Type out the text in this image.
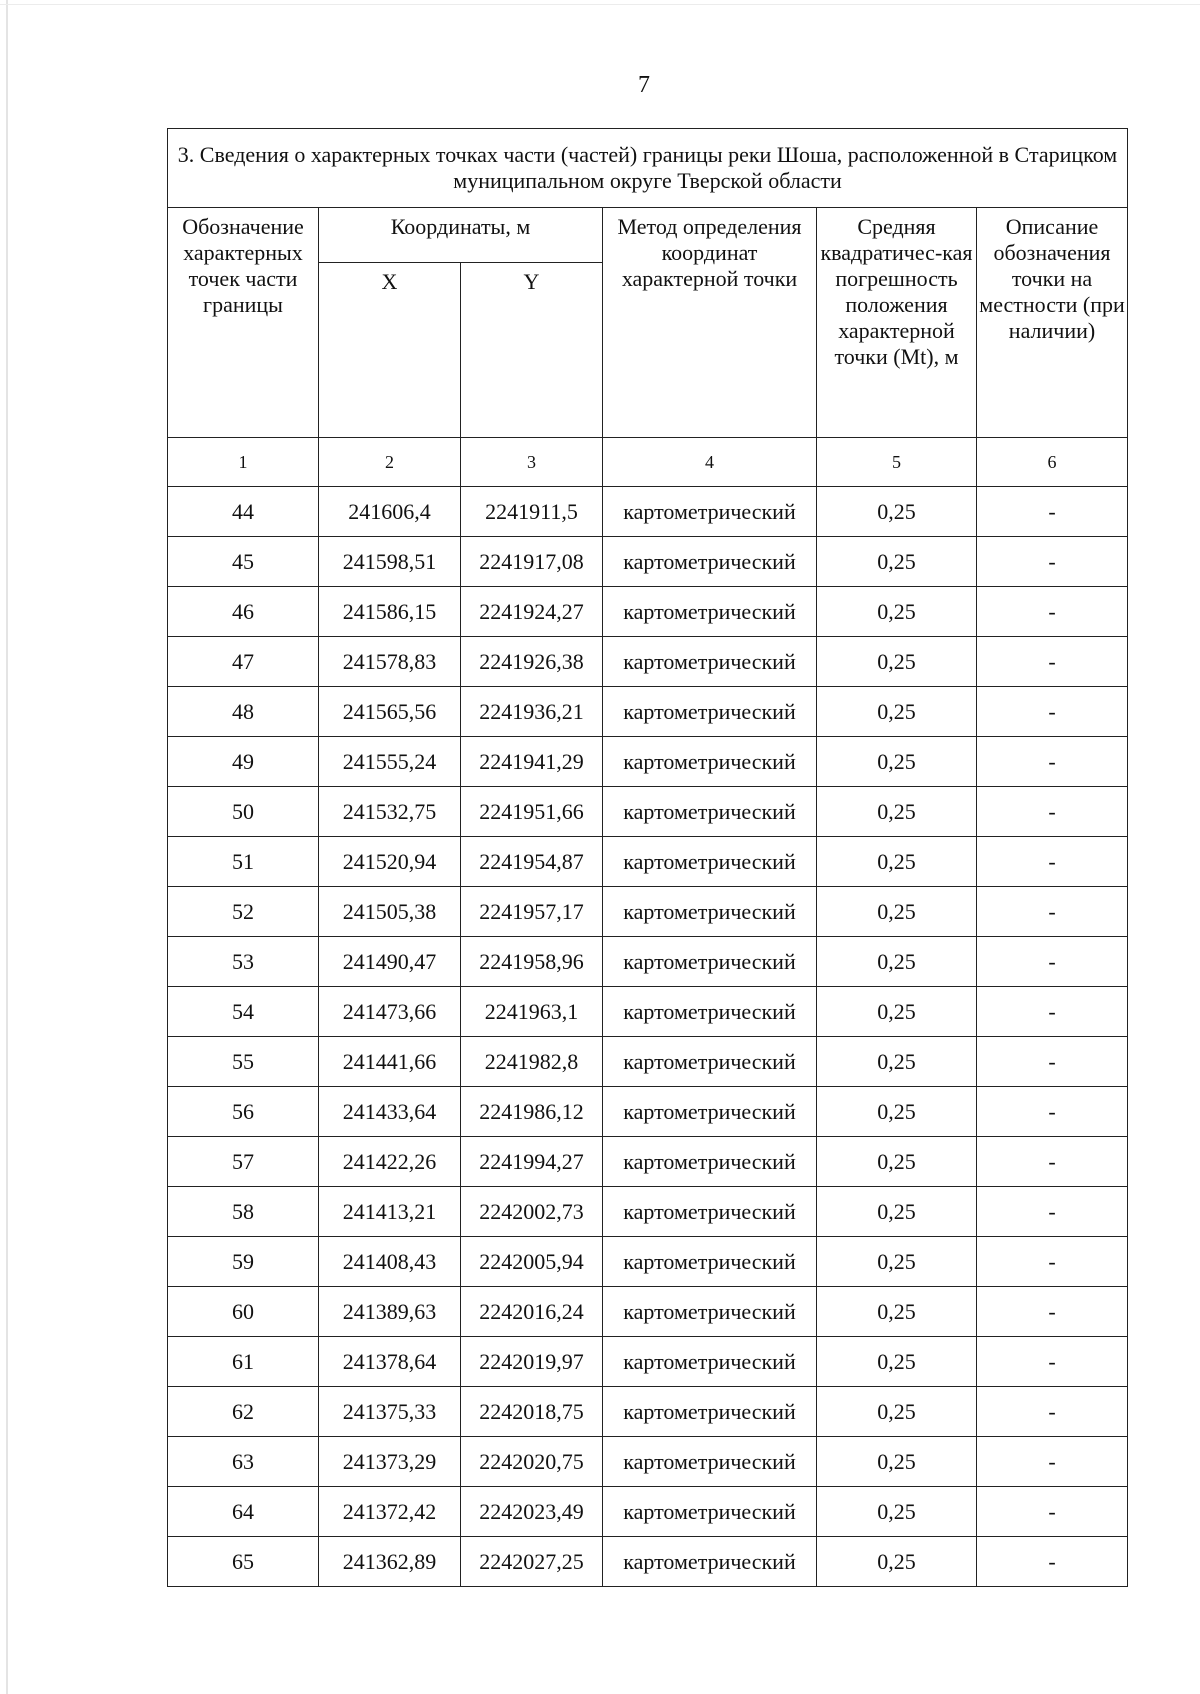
7
3. Сведения о характерных точках части (частей) границы реки Шоша, расположенной в Старицком муниципальном округе Тверской области					
Обозначение характерных точек части границы	Координаты, м		Метод определения координат характерной точки	Средняя квадратичес-кая погрешность положения характерной точки (Mt), м	Описание обозначения точки на местности (при наличии)
	X	Y			
1	2	3	4	5	6
44	241606,4	2241911,5	картометрический	0,25	-
45	241598,51	2241917,08	картометрический	0,25	-
46	241586,15	2241924,27	картометрический	0,25	-
47	241578,83	2241926,38	картометрический	0,25	-
48	241565,56	2241936,21	картометрический	0,25	-
49	241555,24	2241941,29	картометрический	0,25	-
50	241532,75	2241951,66	картометрический	0,25	-
51	241520,94	2241954,87	картометрический	0,25	-
52	241505,38	2241957,17	картометрический	0,25	-
53	241490,47	2241958,96	картометрический	0,25	-
54	241473,66	2241963,1	картометрический	0,25	-
55	241441,66	2241982,8	картометрический	0,25	-
56	241433,64	2241986,12	картометрический	0,25	-
57	241422,26	2241994,27	картометрический	0,25	-
58	241413,21	2242002,73	картометрический	0,25	-
59	241408,43	2242005,94	картометрический	0,25	-
60	241389,63	2242016,24	картометрический	0,25	-
61	241378,64	2242019,97	картометрический	0,25	-
62	241375,33	2242018,75	картометрический	0,25	-
63	241373,29	2242020,75	картометрический	0,25	-
64	241372,42	2242023,49	картометрический	0,25	-
65	241362,89	2242027,25	картометрический	0,25	-
